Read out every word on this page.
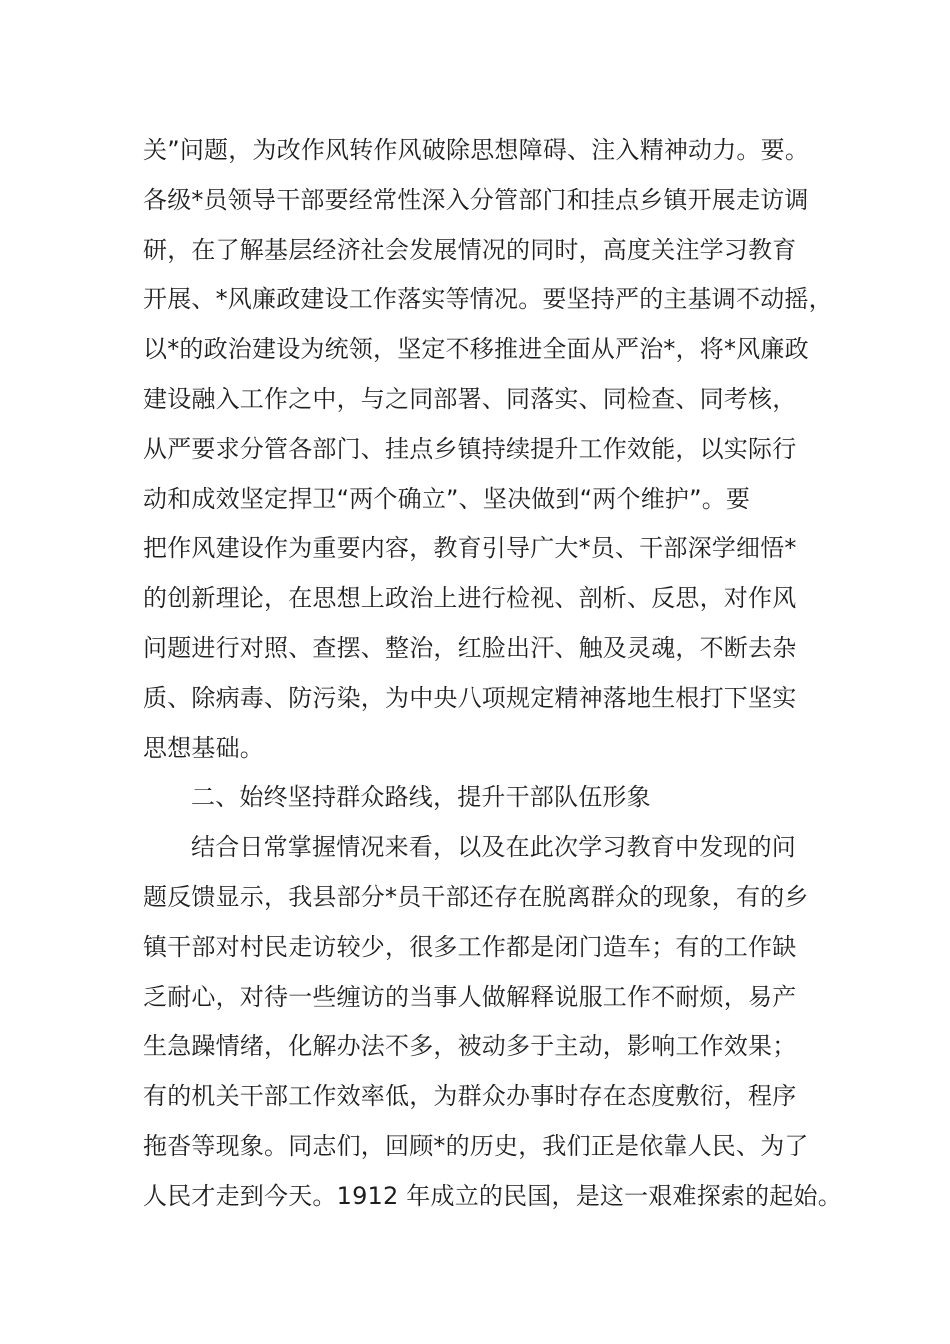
关”问题，为改作风转作风破除思想障碍、注入精神动力。要。
各级*员领导干部要经常性深入分管部门和挂点乡镇开展走访调
研，在了解基层经济社会发展情况的同时，高度关注学习教育
开展、*风廉政建设工作落实等情况。要坚持严的主基调不动摇，
以*的政治建设为统领，坚定不移推进全面从严治*，将*风廉政
建设融入工作之中，与之同部署、同落实、同检查、同考核，
从严要求分管各部门、挂点乡镇持续提升工作效能，以实际行
动和成效坚定捍卫“两个确立”、坚决做到“两个维护”。要
把作风建设作为重要内容，教育引导广大*员、干部深学细悟*
的创新理论，在思想上政治上进行检视、剖析、反思，对作风
问题进行对照、查摆、整治，红脸出汗、触及灵魂，不断去杂
质、除病毒、防污染，为中央八项规定精神落地生根打下坚实
思想基础。
二、始终坚持群众路线，提升干部队伍形象
结合日常掌握情况来看，以及在此次学习教育中发现的问
题反馈显示，我县部分*员干部还存在脱离群众的现象，有的乡
镇干部对村民走访较少，很多工作都是闭门造车；有的工作缺
乏耐心，对待一些缠访的当事人做解释说服工作不耐烦，易产
生急躁情绪，化解办法不多，被动多于主动，影响工作效果；
有的机关干部工作效率低，为群众办事时存在态度敷衍，程序
拖沓等现象。同志们，回顾*的历史，我们正是依靠人民、为了
人民才走到今天。1912 年成立的民国，是这一艰难探索的起始。
